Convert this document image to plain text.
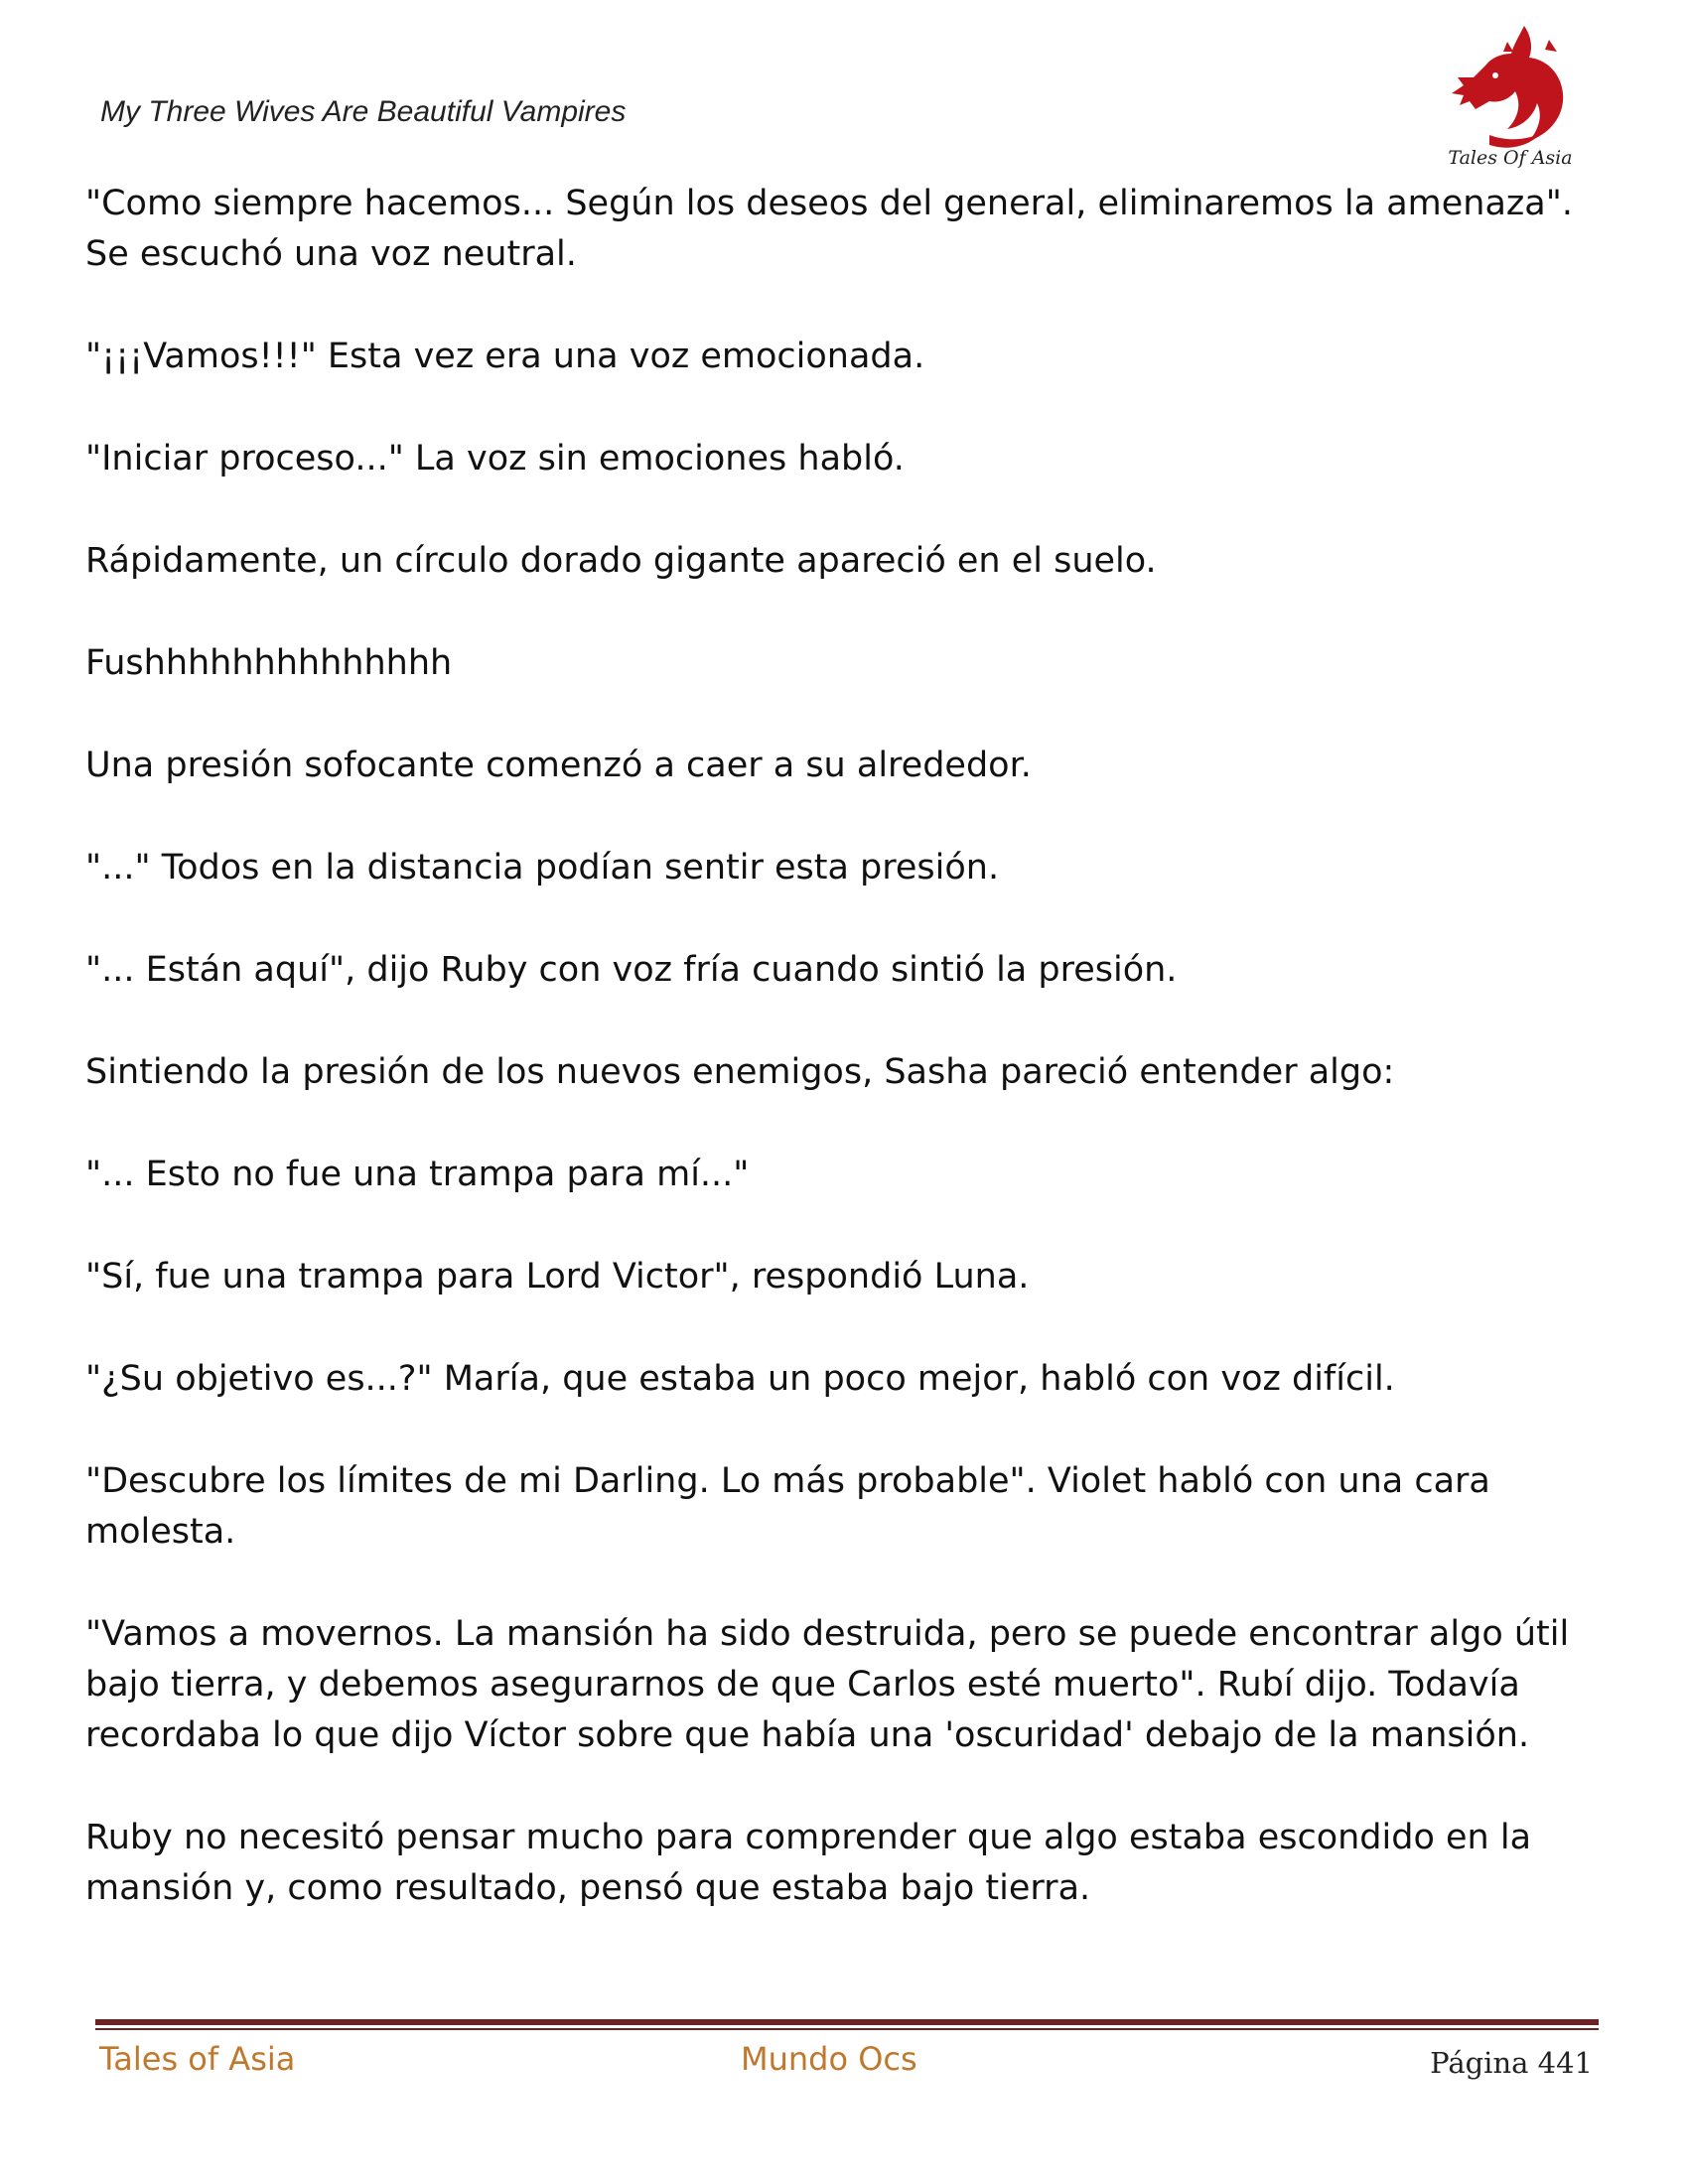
My Three Wives Are Beautiful Vampires
Tales Of Asia

"Como siempre hacemos... Según los deseos del general, eliminaremos la amenaza". Se escuchó una voz neutral.

"¡¡¡Vamos!!!" Esta vez era una voz emocionada.

"Iniciar proceso..." La voz sin emociones habló.

Rápidamente, un círculo dorado gigante apareció en el suelo.

Fushhhhhhhhhhhhhh

Una presión sofocante comenzó a caer a su alrededor.

"..." Todos en la distancia podían sentir esta presión.

"... Están aquí", dijo Ruby con voz fría cuando sintió la presión.

Sintiendo la presión de los nuevos enemigos, Sasha pareció entender algo:

"... Esto no fue una trampa para mí..."

"Sí, fue una trampa para Lord Victor", respondió Luna.

"¿Su objetivo es...?" María, que estaba un poco mejor, habló con voz difícil.

"Descubre los límites de mi Darling. Lo más probable". Violet habló con una cara molesta.

"Vamos a movernos. La mansión ha sido destruida, pero se puede encontrar algo útil bajo tierra, y debemos asegurarnos de que Carlos esté muerto". Rubí dijo. Todavía recordaba lo que dijo Víctor sobre que había una 'oscuridad' debajo de la mansión.

Ruby no necesitó pensar mucho para comprender que algo estaba escondido en la mansión y, como resultado, pensó que estaba bajo tierra.

Tales of Asia	Mundo Ocs	Página 441
